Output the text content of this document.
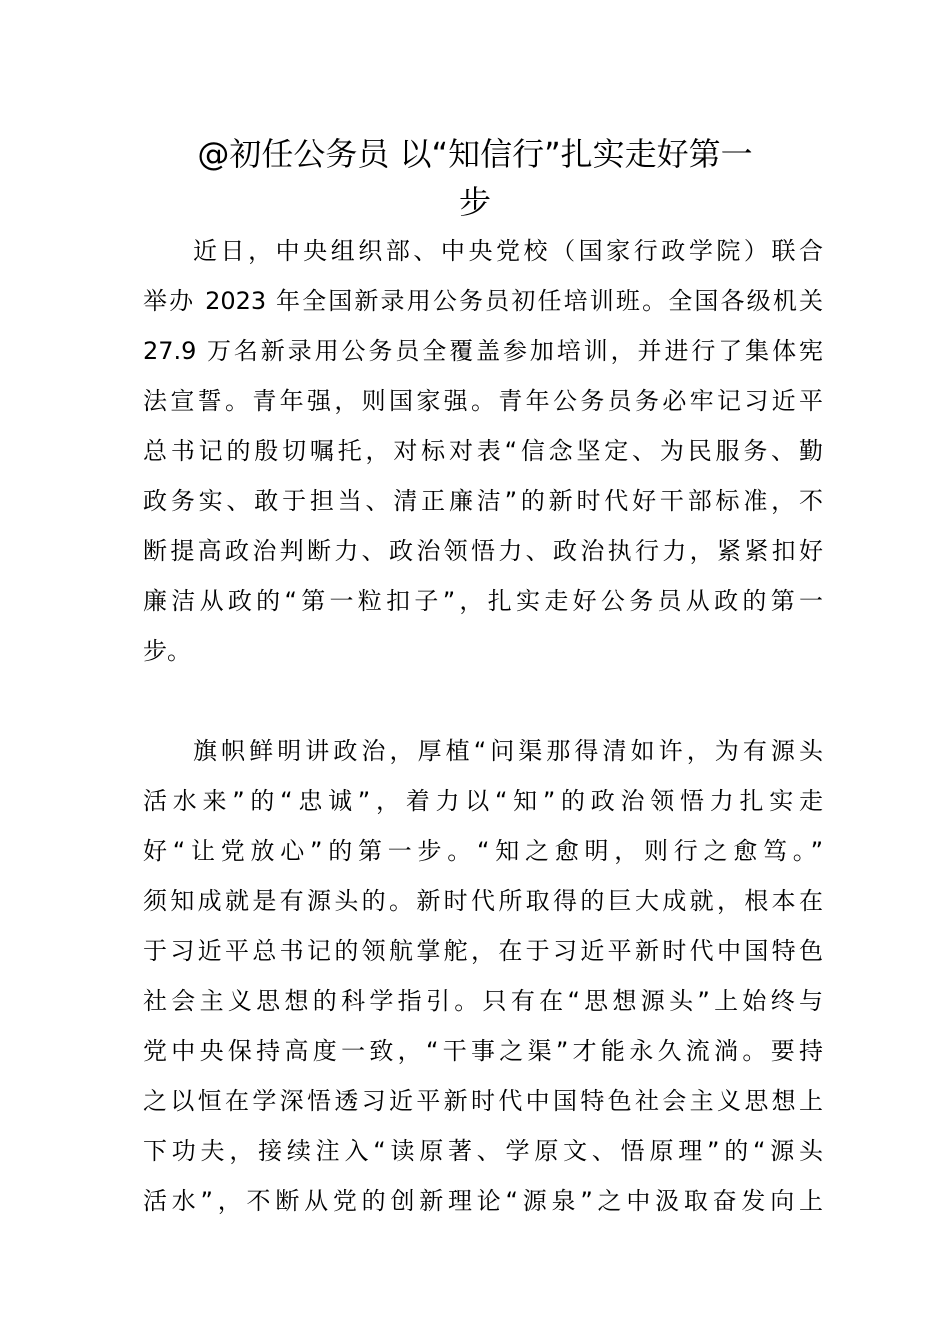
@初任公务员 以“知信行”扎实走好第一
步
近日，中央组织部、中央党校（国家行政学院）联合
举办 2023 年全国新录用公务员初任培训班。全国各级机关
27.9 万名新录用公务员全覆盖参加培训，并进行了集体宪
法宣誓。青年强，则国家强。青年公务员务必牢记习近平
总书记的殷切嘱托，对标对表“信念坚定、为民服务、勤
政务实、敢于担当、清正廉洁”的新时代好干部标准，不
断提高政治判断力、政治领悟力、政治执行力，紧紧扣好
廉洁从政的“第一粒扣子”，扎实走好公务员从政的第一
步。
旗帜鲜明讲政治，厚植“问渠那得清如许，为有源头
活水来”的“忠诚”，着力以“知”的政治领悟力扎实走
好“让党放心”的第一步。“知之愈明，则行之愈笃。”
须知成就是有源头的。新时代所取得的巨大成就，根本在
于习近平总书记的领航掌舵，在于习近平新时代中国特色
社会主义思想的科学指引。只有在“思想源头”上始终与
党中央保持高度一致，“干事之渠”才能永久流淌。要持
之以恒在学深悟透习近平新时代中国特色社会主义思想上
下功夫，接续注入“读原著、学原文、悟原理”的“源头
活水”，不断从党的创新理论“源泉”之中汲取奋发向上
